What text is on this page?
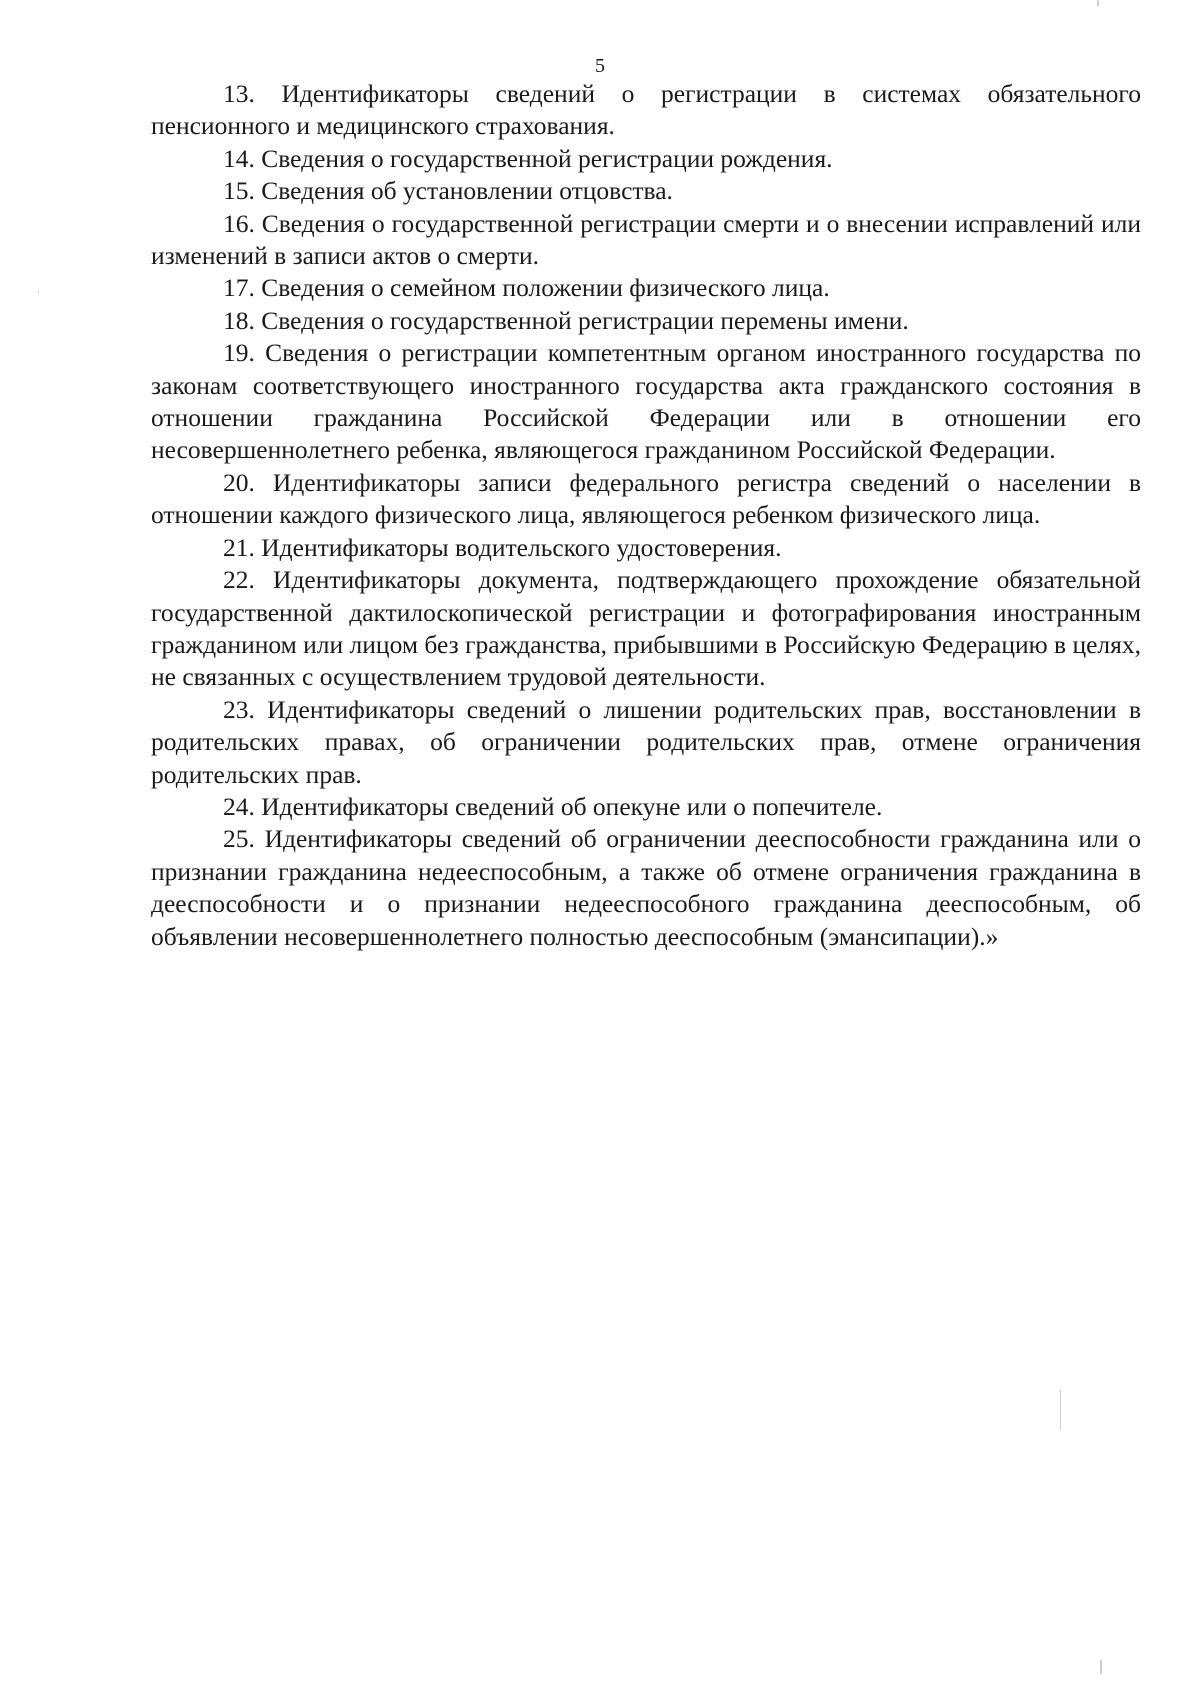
5

13. Идентификаторы сведений о регистрации в системах обязательного пенсионного и медицинского страхования.

14. Сведения о государственной регистрации рождения.

15. Сведения об установлении отцовства.

16. Сведения о государственной регистрации смерти и о внесении исправлений или изменений в записи актов о смерти.

17. Сведения о семейном положении физического лица.

18. Сведения о государственной регистрации перемены имени.

19. Сведения о регистрации компетентным органом иностранного государства по законам соответствующего иностранного государства акта гражданского состояния в отношении гражданина Российской Федерации или в отношении его несовершеннолетнего ребенка, являющегося гражданином Российской Федерации.

20. Идентификаторы записи федерального регистра сведений о населении в отношении каждого физического лица, являющегося ребенком физического лица.

21. Идентификаторы водительского удостоверения.

22. Идентификаторы документа, подтверждающего прохождение обязательной государственной дактилоскопической регистрации и фотографирования иностранным гражданином или лицом без гражданства, прибывшими в Российскую Федерацию в целях, не связанных с осуществлением трудовой деятельности.

23. Идентификаторы сведений о лишении родительских прав, восстановлении в родительских правах, об ограничении родительских прав, отмене ограничения родительских прав.

24. Идентификаторы сведений об опекуне или о попечителе.

25. Идентификаторы сведений об ограничении дееспособности гражданина или о признании гражданина недееспособным, а также об отмене ограничения гражданина в дееспособности и о признании недееспособного гражданина дееспособным, об объявлении несовершеннолетнего полностью дееспособным (эмансипации).»
